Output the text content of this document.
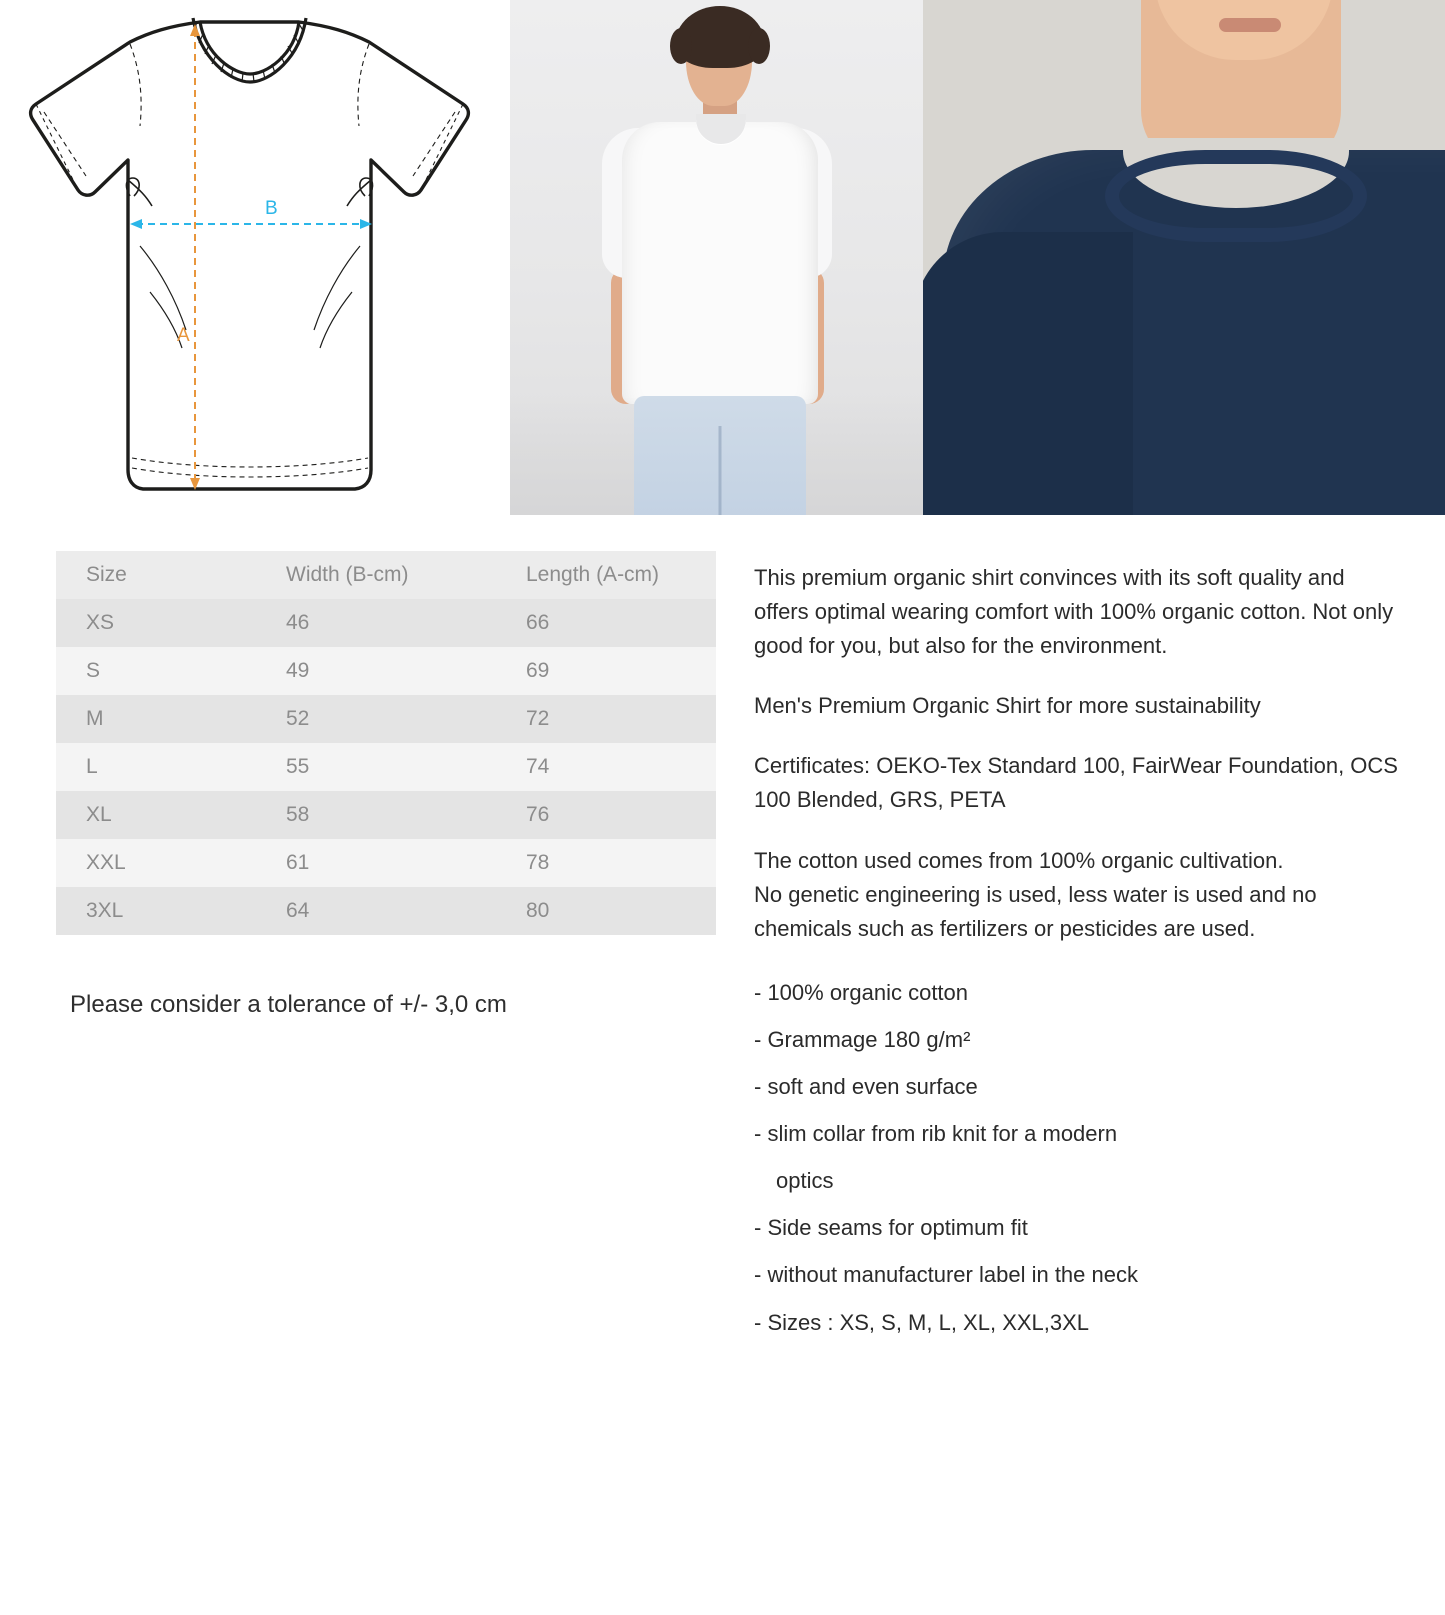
B
A
Size	Width (B-cm)	Length (A-cm)
XS	46	66
S	49	69
M	52	72
L	55	74
XL	58	76
XXL	61	78
3XL	64	80
Please consider a tolerance of +/- 3,0 cm

This premium organic shirt convinces with its soft quality and offers optimal wearing comfort with 100% organic cotton. Not only good for you, but also for the environment.

Men's Premium Organic Shirt for more sustainability

Certificates: OEKO-Tex Standard 100, FairWear Foundation, OCS 100 Blended, GRS, PETA

The cotton used comes from 100% organic cultivation.

No genetic engineering is used, less water is used and no chemicals such as fertilizers or pesticides are used.

- 100% organic cotton
- Grammage 180 g/m²
- soft and even surface
- slim collar from rib knit for a modern
optics
- Side seams for optimum fit
- without manufacturer label in the neck
- Sizes : XS, S, M, L, XL, XXL,3XL
